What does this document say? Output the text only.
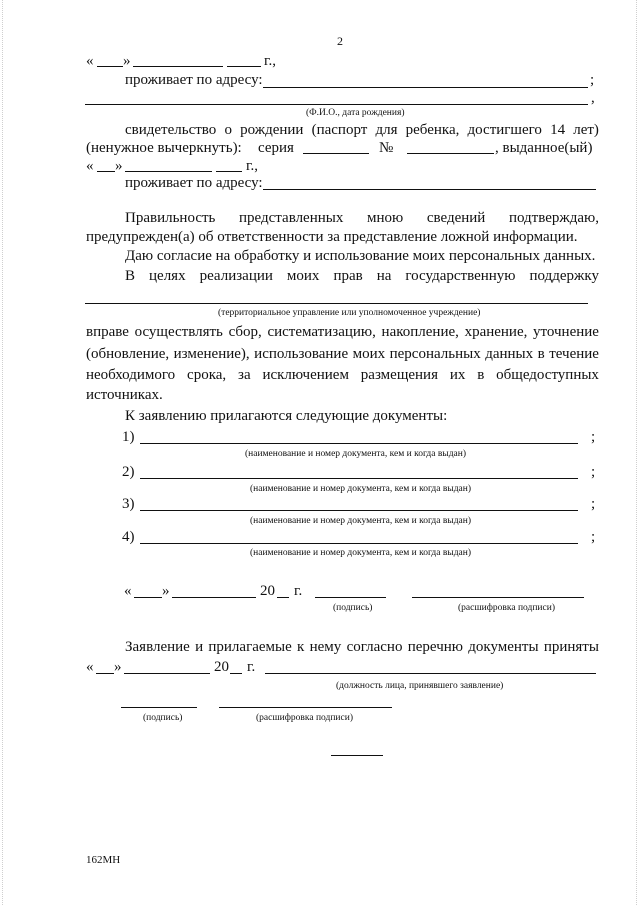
2
« »	г.,
проживает по адресу:	;
,
(Ф.И.О., дата рождения)
свидетельство о рождении (паспорт для ребенка, достигшего 14 лет)
(ненужное вычеркнуть): серия	№	, выданное(ый)
« »	г.,
проживает по адресу:
Правильность представленных мною сведений подтверждаю,
предупрежден(а) об ответственности за представление ложной информации.
Даю согласие на обработку и использование моих персональных данных.
В целях реализации моих прав на государственную поддержку
(территориальное управление или уполномоченное учреждение)
вправе осуществлять сбор, систематизацию, накопление, хранение, уточнение
(обновление, изменение), использование моих персональных данных в течение
необходимого срока, за исключением размещения их в общедоступных
источниках.
К заявлению прилагаются следующие документы:
1)	;
(наименование и номер документа, кем и когда выдан)
2)	;
(наименование и номер документа, кем и когда выдан)
3)	;
(наименование и номер документа, кем и когда выдан)
4)	;
(наименование и номер документа, кем и когда выдан)
« »	20 г.
(подпись)	(расшифровка подписи)
Заявление и прилагаемые к нему согласно перечню документы приняты
« »	20 г.
(должность лица, принявшего заявление)
(подпись)	(расшифровка подписи)
162МН
